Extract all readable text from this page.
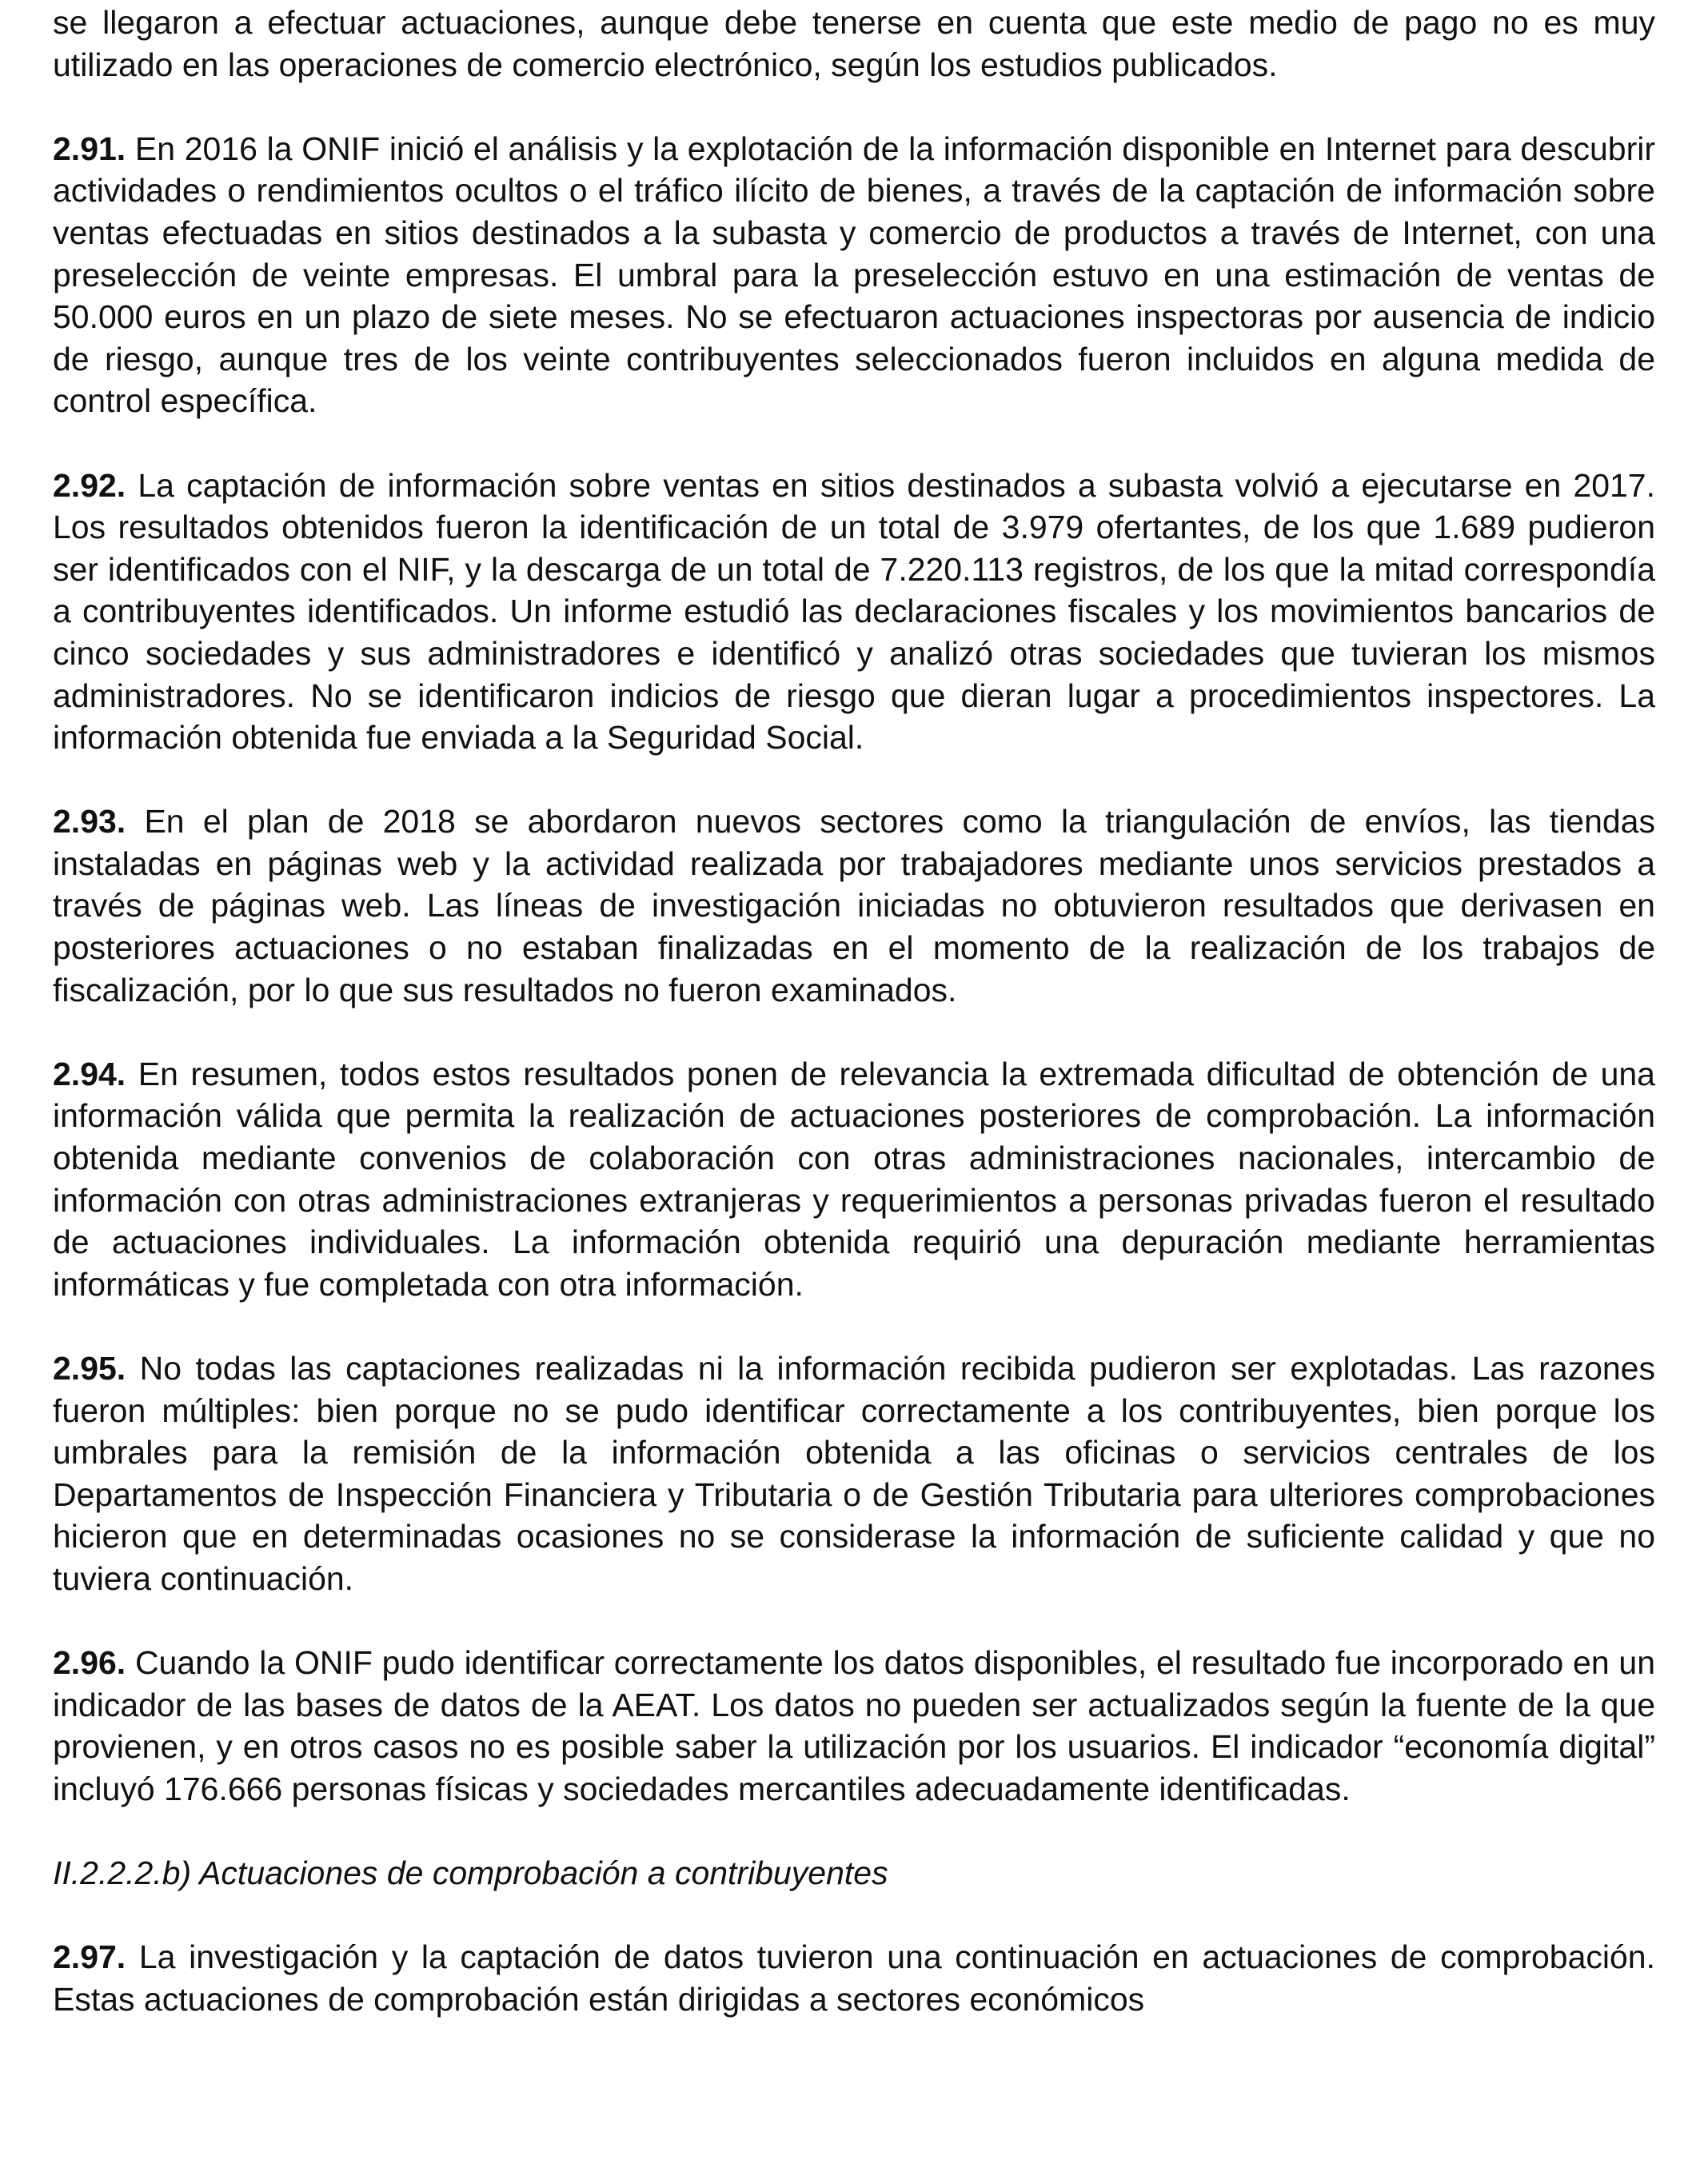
se llegaron a efectuar actuaciones, aunque debe tenerse en cuenta que este medio de pago no es muy utilizado en las operaciones de comercio electrónico, según los estudios publicados.

2.91. En 2016 la ONIF inició el análisis y la explotación de la información disponible en Internet para descubrir actividades o rendimientos ocultos o el tráfico ilícito de bienes, a través de la captación de información sobre ventas efectuadas en sitios destinados a la subasta y comercio de productos a través de Internet, con una preselección de veinte empresas. El umbral para la preselección estuvo en una estimación de ventas de 50.000 euros en un plazo de siete meses. No se efectuaron actuaciones inspectoras por ausencia de indicio de riesgo, aunque tres de los veinte contribuyentes seleccionados fueron incluidos en alguna medida de control específica.

2.92. La captación de información sobre ventas en sitios destinados a subasta volvió a ejecutarse en 2017. Los resultados obtenidos fueron la identificación de un total de 3.979 ofertantes, de los que 1.689 pudieron ser identificados con el NIF, y la descarga de un total de 7.220.113 registros, de los que la mitad correspondía a contribuyentes identificados. Un informe estudió las declaraciones fiscales y los movimientos bancarios de cinco sociedades y sus administradores e identificó y analizó otras sociedades que tuvieran los mismos administradores. No se identificaron indicios de riesgo que dieran lugar a procedimientos inspectores. La información obtenida fue enviada a la Seguridad Social.

2.93. En el plan de 2018 se abordaron nuevos sectores como la triangulación de envíos, las tiendas instaladas en páginas web y la actividad realizada por trabajadores mediante unos servicios prestados a través de páginas web. Las líneas de investigación iniciadas no obtuvieron resultados que derivasen en posteriores actuaciones o no estaban finalizadas en el momento de la realización de los trabajos de fiscalización, por lo que sus resultados no fueron examinados.

2.94. En resumen, todos estos resultados ponen de relevancia la extremada dificultad de obtención de una información válida que permita la realización de actuaciones posteriores de comprobación. La información obtenida mediante convenios de colaboración con otras administraciones nacionales, intercambio de información con otras administraciones extranjeras y requerimientos a personas privadas fueron el resultado de actuaciones individuales. La información obtenida requirió una depuración mediante herramientas informáticas y fue completada con otra información.

2.95. No todas las captaciones realizadas ni la información recibida pudieron ser explotadas. Las razones fueron múltiples: bien porque no se pudo identificar correctamente a los contribuyentes, bien porque los umbrales para la remisión de la información obtenida a las oficinas o servicios centrales de los Departamentos de Inspección Financiera y Tributaria o de Gestión Tributaria para ulteriores comprobaciones hicieron que en determinadas ocasiones no se considerase la información de suficiente calidad y que no tuviera continuación.

2.96. Cuando la ONIF pudo identificar correctamente los datos disponibles, el resultado fue incorporado en un indicador de las bases de datos de la AEAT. Los datos no pueden ser actualizados según la fuente de la que provienen, y en otros casos no es posible saber la utilización por los usuarios. El indicador “economía digital” incluyó 176.666 personas físicas y sociedades mercantiles adecuadamente identificadas.

II.2.2.2.b) Actuaciones de comprobación a contribuyentes

2.97. La investigación y la captación de datos tuvieron una continuación en actuaciones de comprobación. Estas actuaciones de comprobación están dirigidas a sectores económicos
